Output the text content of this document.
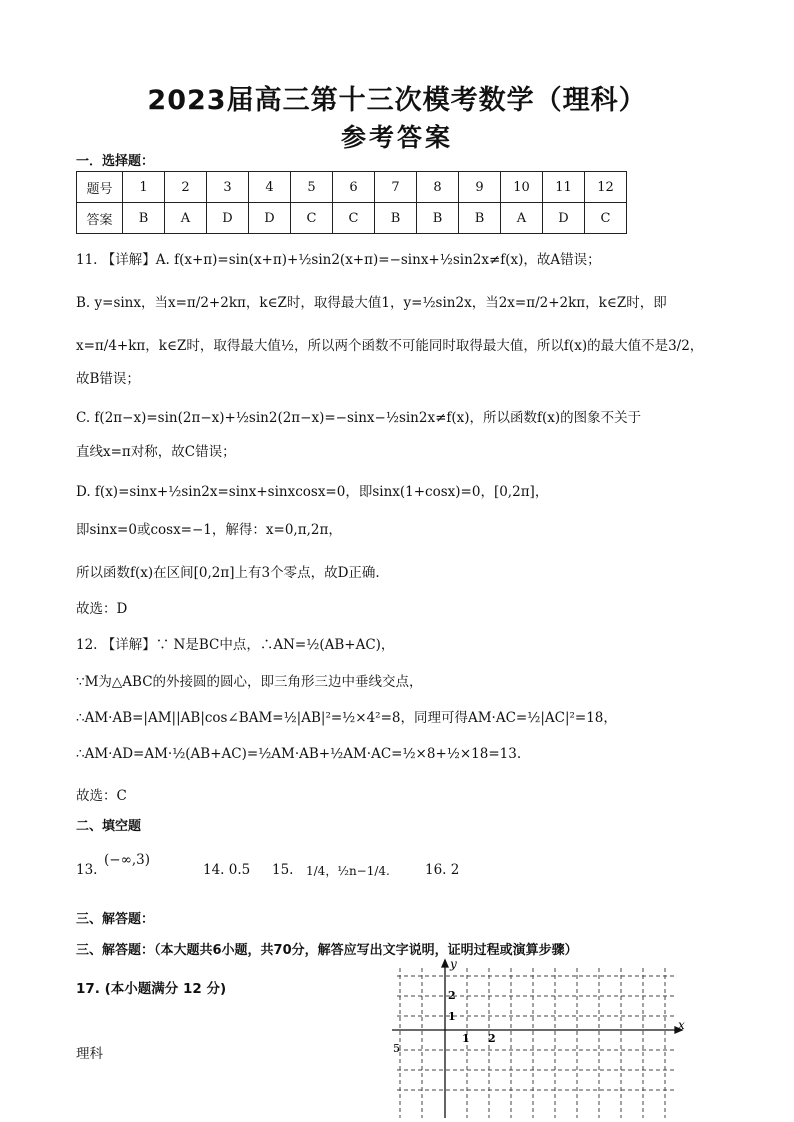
2023届高三第十三次模考数学（理科）
参考答案
一．选择题：
题号	1	2	3	4	5	6	7	8	9	10	11	12
答案	B	A	D	D	C	C	B	B	B	A	D	C
11. 【详解】A. f(x+π)=sin(x+π)+½sin2(x+π)=−sinx+½sin2x≠f(x)，故A错误；
B. y=sinx，当x=π/2+2kπ，k∈Z时，取得最大值1，y=½sin2x，当2x=π/2+2kπ，k∈Z时，即
x=π/4+kπ，k∈Z时，取得最大值½，所以两个函数不可能同时取得最大值，所以f(x)的最大值不是3/2，
故B错误；
C. f(2π−x)=sin(2π−x)+½sin2(2π−x)=−sinx−½sin2x≠f(x)，所以函数f(x)的图象不关于
直线x=π对称，故C错误；
D. f(x)=sinx+½sin2x=sinx+sinxcosx=0，即sinx(1+cosx)=0，[0,2π]，
即sinx=0或cosx=−1，解得：x=0,π,2π，
所以函数f(x)在区间[0,2π]上有3个零点，故D正确.
故选：D
12. 【详解】∵ N是BC中点，∴AN=½(AB+AC)，
∵M为△ABC的外接圆的圆心，即三角形三边中垂线交点，
∴AM·AB=|AM||AB|cos∠BAM=½|AB|²=½×4²=8，同理可得AM·AC=½|AC|²=18，
∴AM·AD=AM·½(AB+AC)=½AM·AB+½AM·AC=½×8+½×18=13.
故选：C
二、填空题
13.
(−∞,3)
14. 0.5 15. 1/4，½n−1/4.	16. 2
三、解答题：
三、解答题：（本大题共6小题，共70分，解答应写出文字说明，证明过程或演算步骤）
17. (本小题满分 12 分)
理科
y
x
2
1
1 2
5
